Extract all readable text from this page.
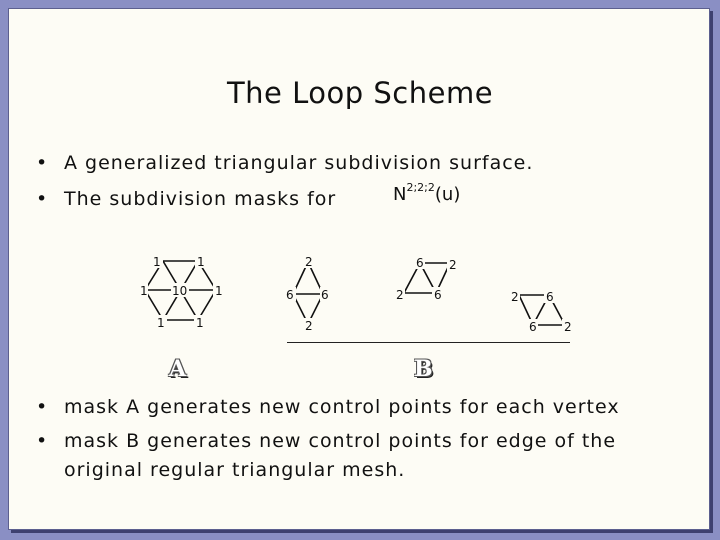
The Loop Scheme
• A generalized triangular subdivision surface.
• The subdivision masks for	$N^{2;2;2}(u)$
1	1
1 10 1
1	1
2
6 6
2
6 2
2	6	2 6
6 2
A	B
• mask A generates new control points for each vertex
• mask B generates new control points for edge of the
original regular triangular mesh.
